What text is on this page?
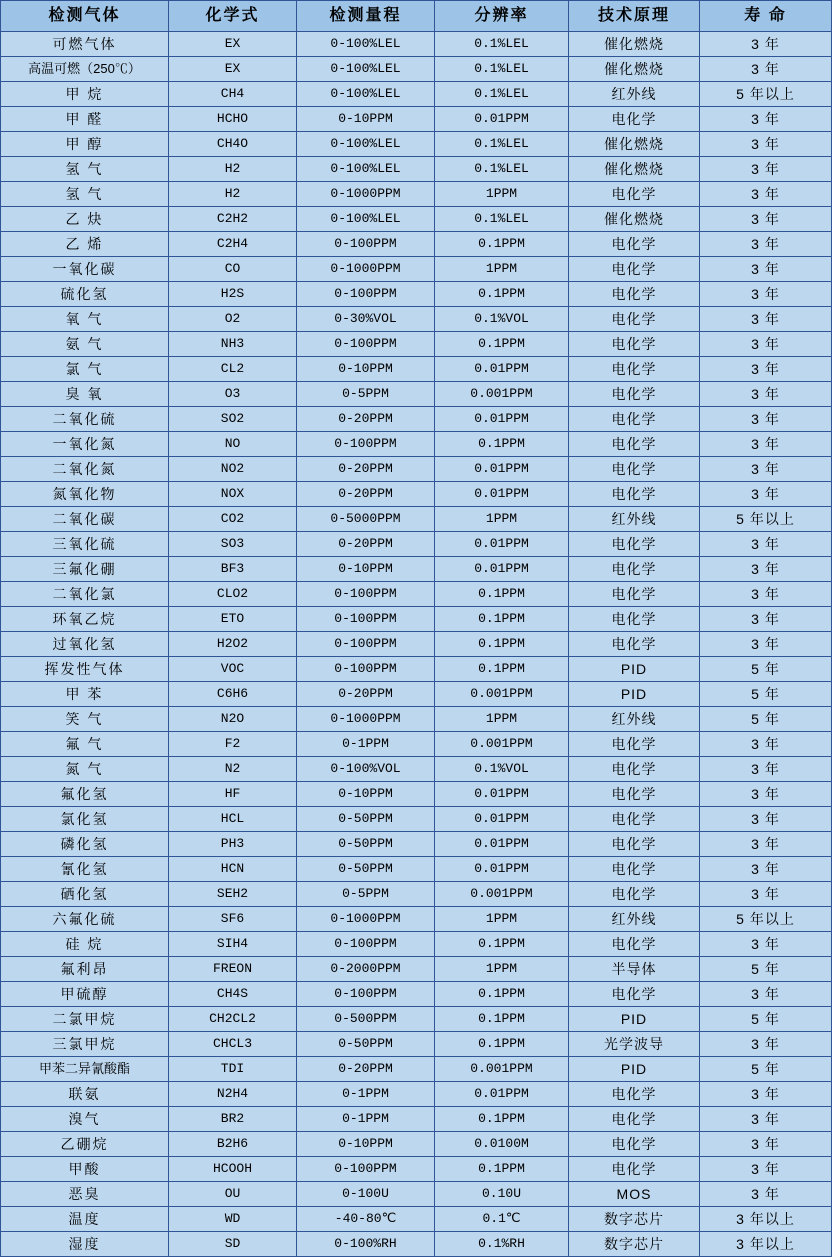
检测气体	化学式	检测量程	分辨率	技术原理	寿 命
可燃气体	EX	0-100%LEL	0.1%LEL	催化燃烧	3 年
高温可燃（250℃）	EX	0-100%LEL	0.1%LEL	催化燃烧	3 年
甲 烷	CH4	0-100%LEL	0.1%LEL	红外线	5 年以上
甲 醛	HCHO	0-10PPM	0.01PPM	电化学	3 年
甲 醇	CH4O	0-100%LEL	0.1%LEL	催化燃烧	3 年
氢 气	H2	0-100%LEL	0.1%LEL	催化燃烧	3 年
氢 气	H2	0-1000PPM	1PPM	电化学	3 年
乙 炔	C2H2	0-100%LEL	0.1%LEL	催化燃烧	3 年
乙 烯	C2H4	0-100PPM	0.1PPM	电化学	3 年
一氧化碳	CO	0-1000PPM	1PPM	电化学	3 年
硫化氢	H2S	0-100PPM	0.1PPM	电化学	3 年
氧 气	O2	0-30%VOL	0.1%VOL	电化学	3 年
氨 气	NH3	0-100PPM	0.1PPM	电化学	3 年
氯 气	CL2	0-10PPM	0.01PPM	电化学	3 年
臭 氧	O3	0-5PPM	0.001PPM	电化学	3 年
二氧化硫	SO2	0-20PPM	0.01PPM	电化学	3 年
一氧化氮	NO	0-100PPM	0.1PPM	电化学	3 年
二氧化氮	NO2	0-20PPM	0.01PPM	电化学	3 年
氮氧化物	NOX	0-20PPM	0.01PPM	电化学	3 年
二氧化碳	CO2	0-5000PPM	1PPM	红外线	5 年以上
三氧化硫	SO3	0-20PPM	0.01PPM	电化学	3 年
三氟化硼	BF3	0-10PPM	0.01PPM	电化学	3 年
二氧化氯	CLO2	0-100PPM	0.1PPM	电化学	3 年
环氧乙烷	ETO	0-100PPM	0.1PPM	电化学	3 年
过氧化氢	H2O2	0-100PPM	0.1PPM	电化学	3 年
挥发性气体	VOC	0-100PPM	0.1PPM	PID	5 年
甲 苯	C6H6	0-20PPM	0.001PPM	PID	5 年
笑 气	N2O	0-1000PPM	1PPM	红外线	5 年
氟 气	F2	0-1PPM	0.001PPM	电化学	3 年
氮 气	N2	0-100%VOL	0.1%VOL	电化学	3 年
氟化氢	HF	0-10PPM	0.01PPM	电化学	3 年
氯化氢	HCL	0-50PPM	0.01PPM	电化学	3 年
磷化氢	PH3	0-50PPM	0.01PPM	电化学	3 年
氰化氢	HCN	0-50PPM	0.01PPM	电化学	3 年
硒化氢	SEH2	0-5PPM	0.001PPM	电化学	3 年
六氟化硫	SF6	0-1000PPM	1PPM	红外线	5 年以上
硅 烷	SIH4	0-100PPM	0.1PPM	电化学	3 年
氟利昂	FREON	0-2000PPM	1PPM	半导体	5 年
甲硫醇	CH4S	0-100PPM	0.1PPM	电化学	3 年
二氯甲烷	CH2CL2	0-500PPM	0.1PPM	PID	5 年
三氯甲烷	CHCL3	0-50PPM	0.1PPM	光学波导	3 年
甲苯二异氰酸酯	TDI	0-20PPM	0.001PPM	PID	5 年
联氨	N2H4	0-1PPM	0.01PPM	电化学	3 年
溴气	BR2	0-1PPM	0.1PPM	电化学	3 年
乙硼烷	B2H6	0-10PPM	0.0100M	电化学	3 年
甲酸	HCOOH	0-100PPM	0.1PPM	电化学	3 年
恶臭	OU	0-100U	0.10U	MOS	3 年
温度	WD	-40-80℃	0.1℃	数字芯片	3 年以上
湿度	SD	0-100%RH	0.1%RH	数字芯片	3 年以上
